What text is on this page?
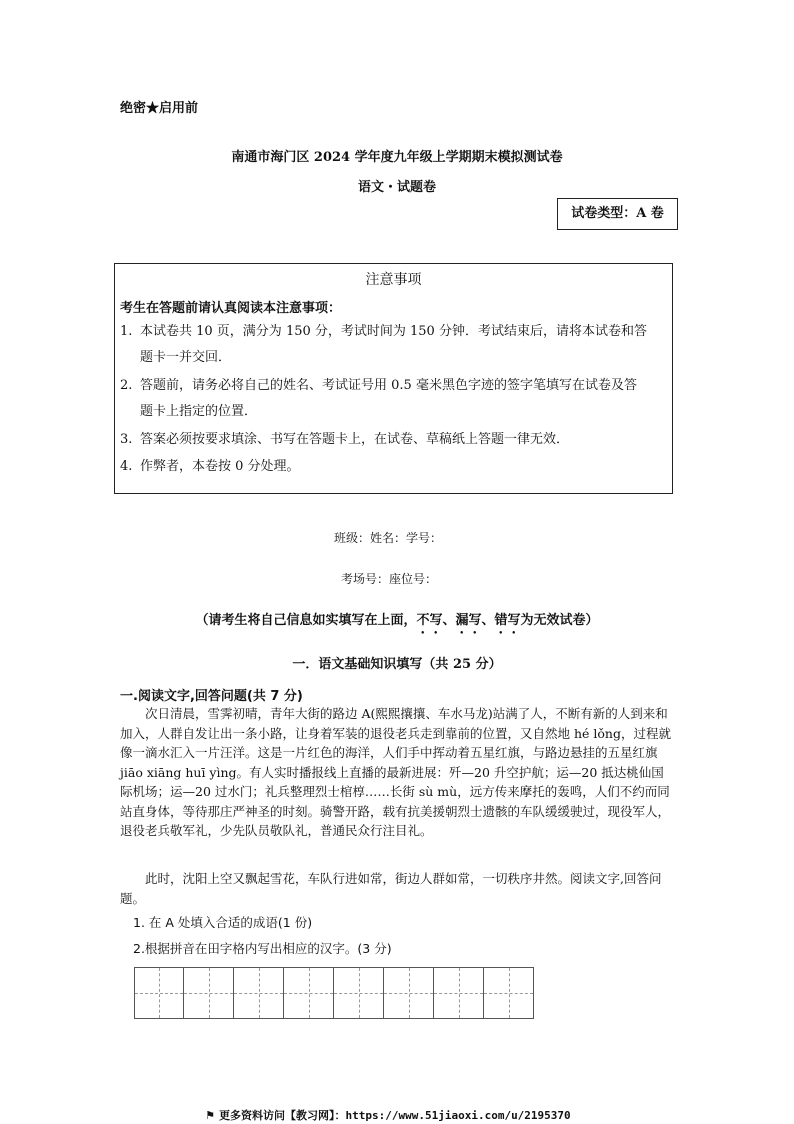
绝密★启用前
南通市海门区 2024 学年度九年级上学期期末模拟测试卷
语文・试题卷
试卷类型：A 卷
注意事项
考生在答题前请认真阅读本注意事项：
1. 本试卷共 10 页，满分为 150 分，考试时间为 150 分钟．考试结束后，请将本试卷和答
题卡一并交回．
2. 答题前，请务必将自己的姓名、考试证号用 0.5 毫米黑色字迹的签字笔填写在试卷及答
题卡上指定的位置．
3. 答案必须按要求填涂、书写在答题卡上，在试卷、草稿纸上答题一律无效．
4. 作弊者，本卷按 0 分处理。
班级：姓名：学号：
考场号：座位号：
（请考生将自己信息如实填写在上面，不写、漏写、错写为无效试卷）
一．语文基础知识填写（共 25 分）
一.阅读文字,回答问题(共 7 分)
次日清晨，雪霁初晴，青年大街的路边 A(熙熙攘攘、车水马龙)站满了人，不断有新的人到来和加入，人群自发让出一条小路，让身着军装的退役老兵走到靠前的位置，又自然地 hé lǒng，过程就像一滴水汇入一片汪洋。这是一片红色的海洋，人们手中挥动着五星红旗，与路边悬挂的五星红旗 jiāo xiāng huī yìng。有人实时播报线上直播的最新进展：歼—20 升空护航；运—20 抵达桃仙国际机场；运—20 过水门；礼兵整理烈士棺椁……长街 sù mù，远方传来摩托的轰鸣，人们不约而同站直身体，等待那庄严神圣的时刻。骑警开路，载有抗美援朝烈士遗骸的车队缓缓驶过，现役军人，退役老兵敬军礼，少先队员敬队礼，普通民众行注目礼。
此时，沈阳上空又飘起雪花，车队行进如常，街边人群如常，一切秩序井然。阅读文字,回答问题。
1. 在 A 处填入合适的成语(1 份)
2.根据拼音在田字格内写出相应的汉字。(3 分)
⚑ 更多资料访问【教习网】：https://www.51jiaoxi.com/u/2195370
